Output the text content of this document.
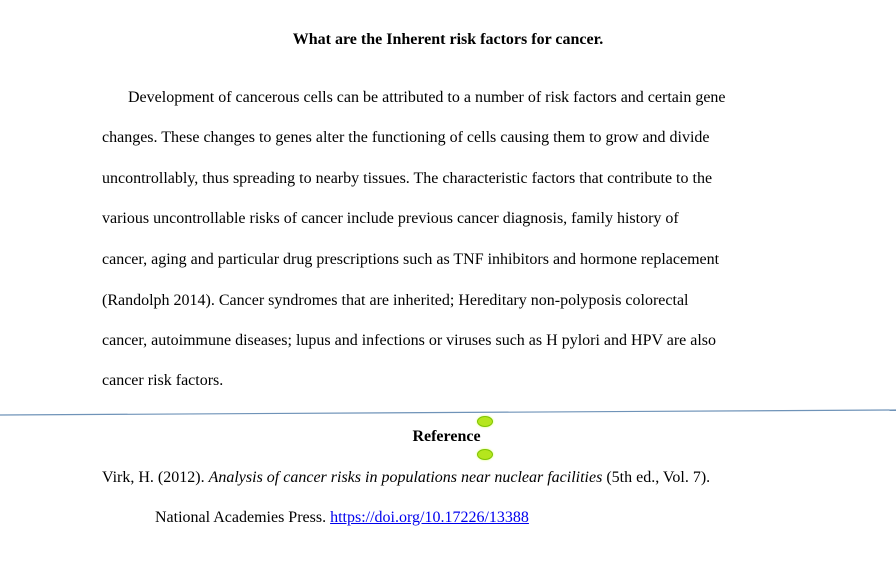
What are the Inherent risk factors for cancer.
Development of cancerous cells can be attributed to a number of risk factors and certain gene
changes. These changes to genes alter the functioning of cells causing them to grow and divide
uncontrollably, thus spreading to nearby tissues. The characteristic factors that contribute to the
various uncontrollable risks of cancer include previous cancer diagnosis, family history of
cancer, aging and particular drug prescriptions such as TNF inhibitors and hormone replacement
(Randolph 2014). Cancer syndromes that are inherited; Hereditary non-polyposis colorectal
cancer, autoimmune diseases; lupus and infections or viruses such as H pylori and HPV are also
cancer risk factors.
Reference
Virk, H. (2012). Analysis of cancer risks in populations near nuclear facilities (5th ed., Vol. 7).
National Academies Press. https://doi.org/10.17226/13388
